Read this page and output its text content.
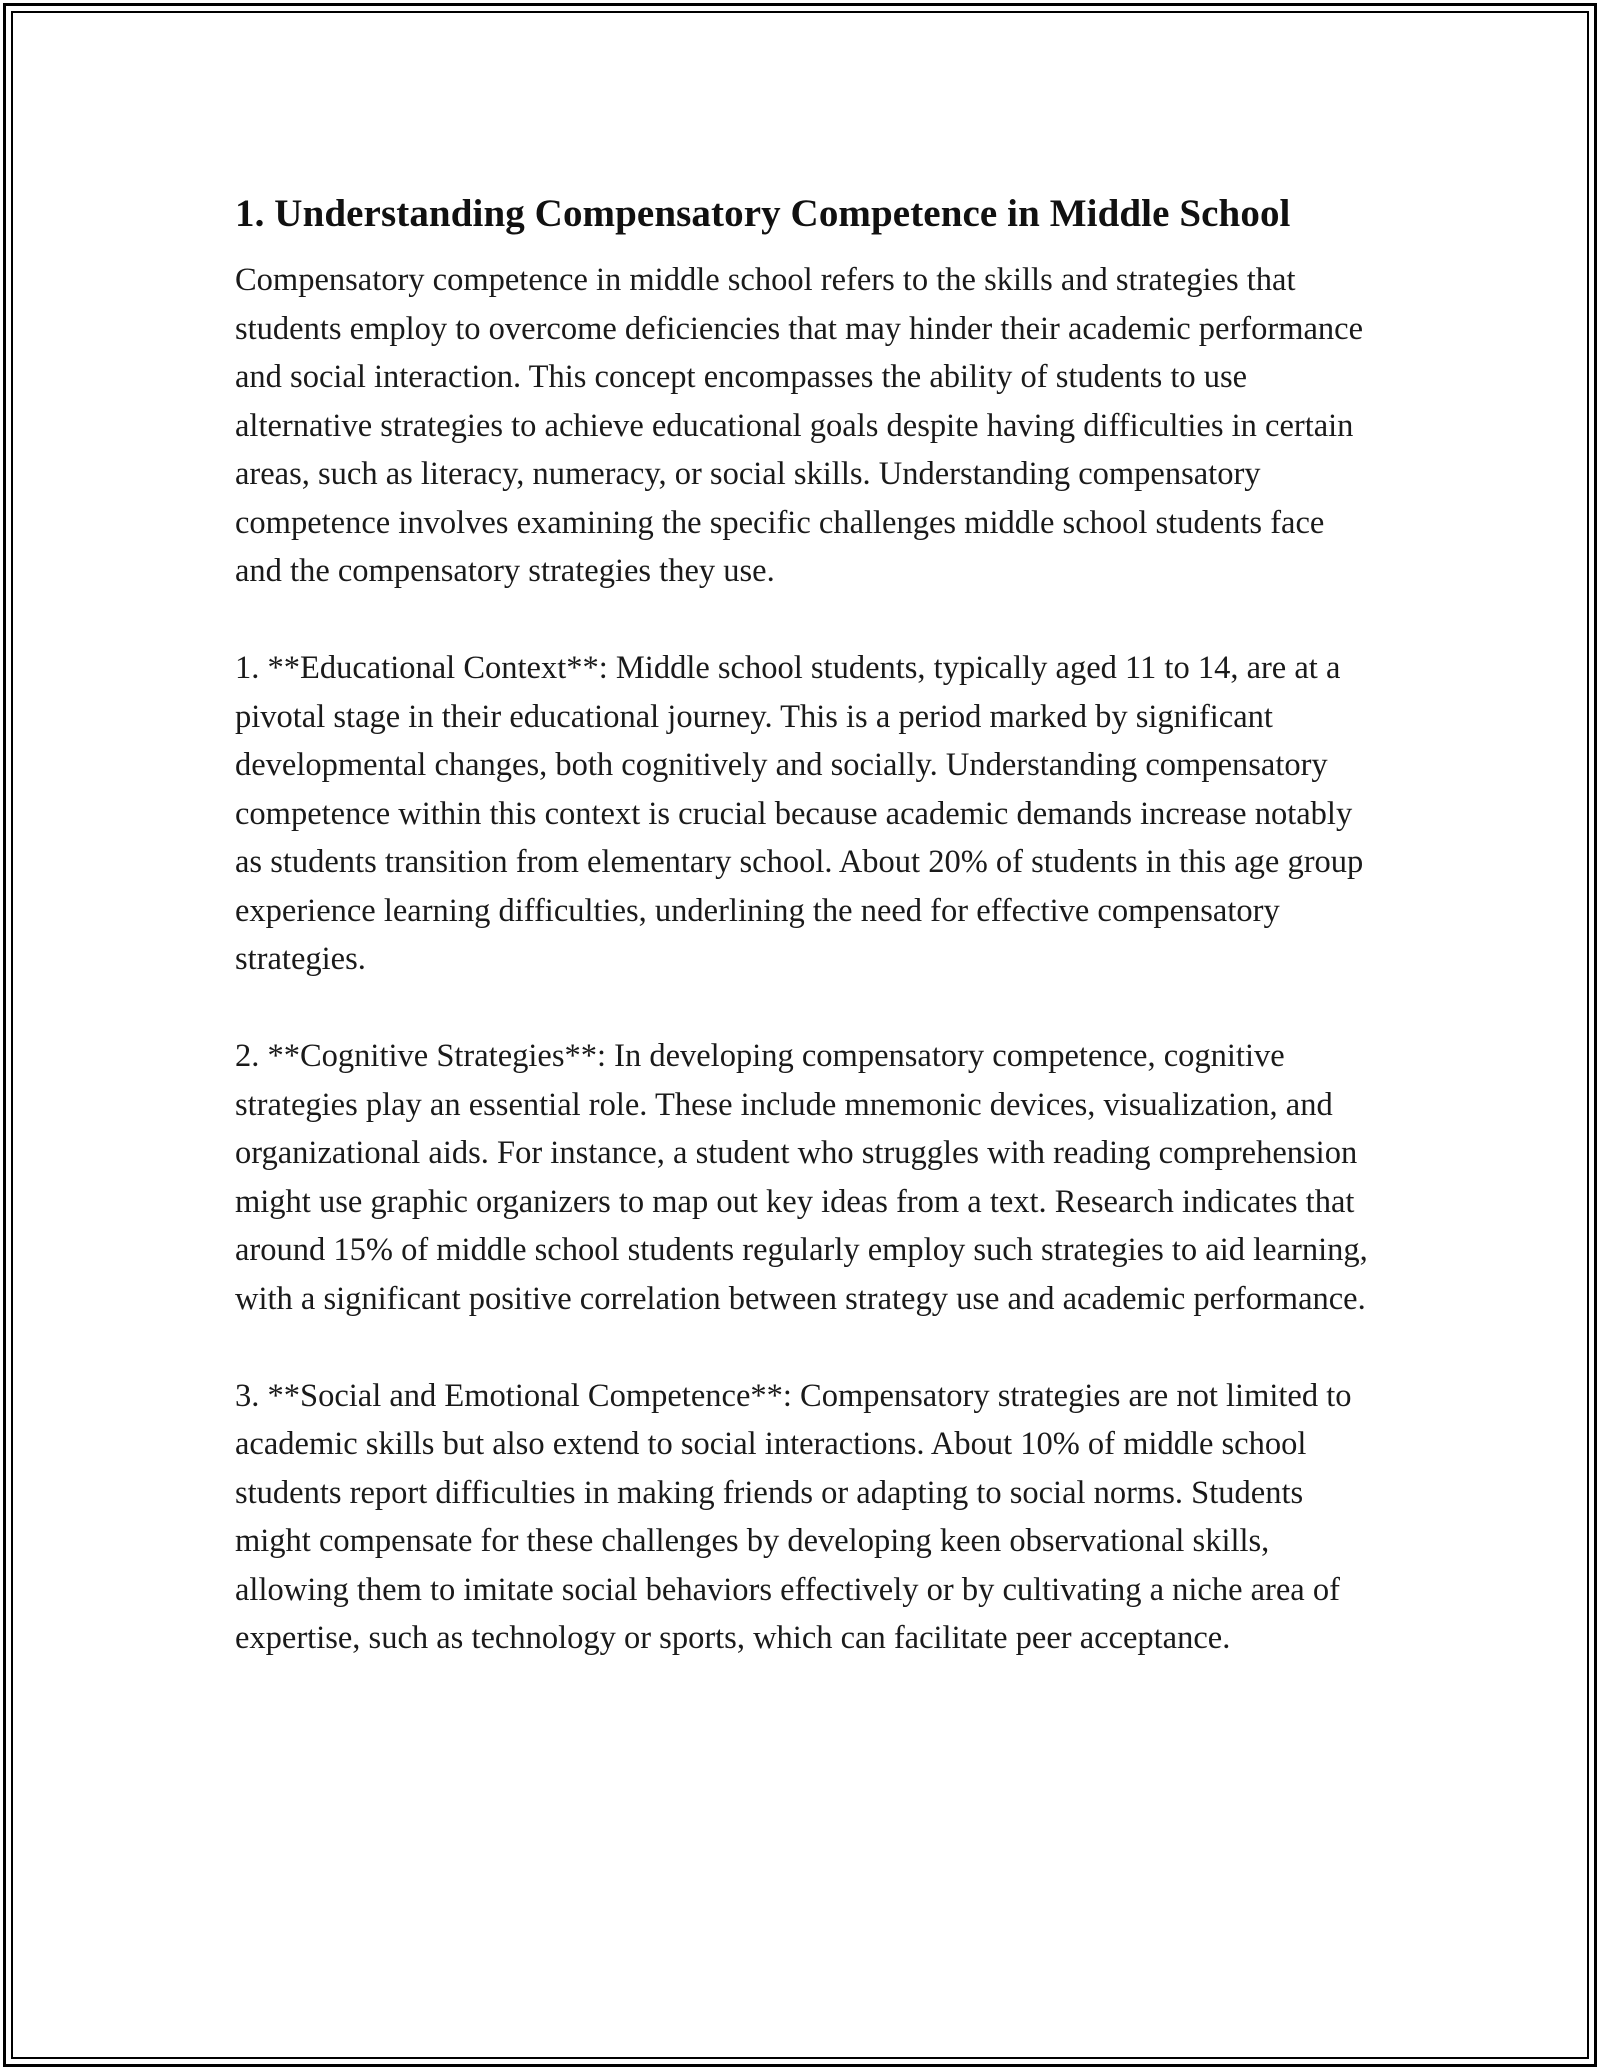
1. Understanding Compensatory Competence in Middle School

Compensatory competence in middle school refers to the skills and strategies that students employ to overcome deficiencies that may hinder their academic performance and social interaction. This concept encompasses the ability of students to use alternative strategies to achieve educational goals despite having difficulties in certain areas, such as literacy, numeracy, or social skills. Understanding compensatory competence involves examining the specific challenges middle school students face and the compensatory strategies they use.

1. **Educational Context**: Middle school students, typically aged 11 to 14, are at a pivotal stage in their educational journey. This is a period marked by significant developmental changes, both cognitively and socially. Understanding compensatory competence within this context is crucial because academic demands increase notably as students transition from elementary school. About 20% of students in this age group experience learning difficulties, underlining the need for effective compensatory strategies.

2. **Cognitive Strategies**: In developing compensatory competence, cognitive strategies play an essential role. These include mnemonic devices, visualization, and organizational aids. For instance, a student who struggles with reading comprehension might use graphic organizers to map out key ideas from a text. Research indicates that around 15% of middle school students regularly employ such strategies to aid learning, with a significant positive correlation between strategy use and academic performance.

3. **Social and Emotional Competence**: Compensatory strategies are not limited to academic skills but also extend to social interactions. About 10% of middle school students report difficulties in making friends or adapting to social norms. Students might compensate for these challenges by developing keen observational skills, allowing them to imitate social behaviors effectively or by cultivating a niche area of expertise, such as technology or sports, which can facilitate peer acceptance.
